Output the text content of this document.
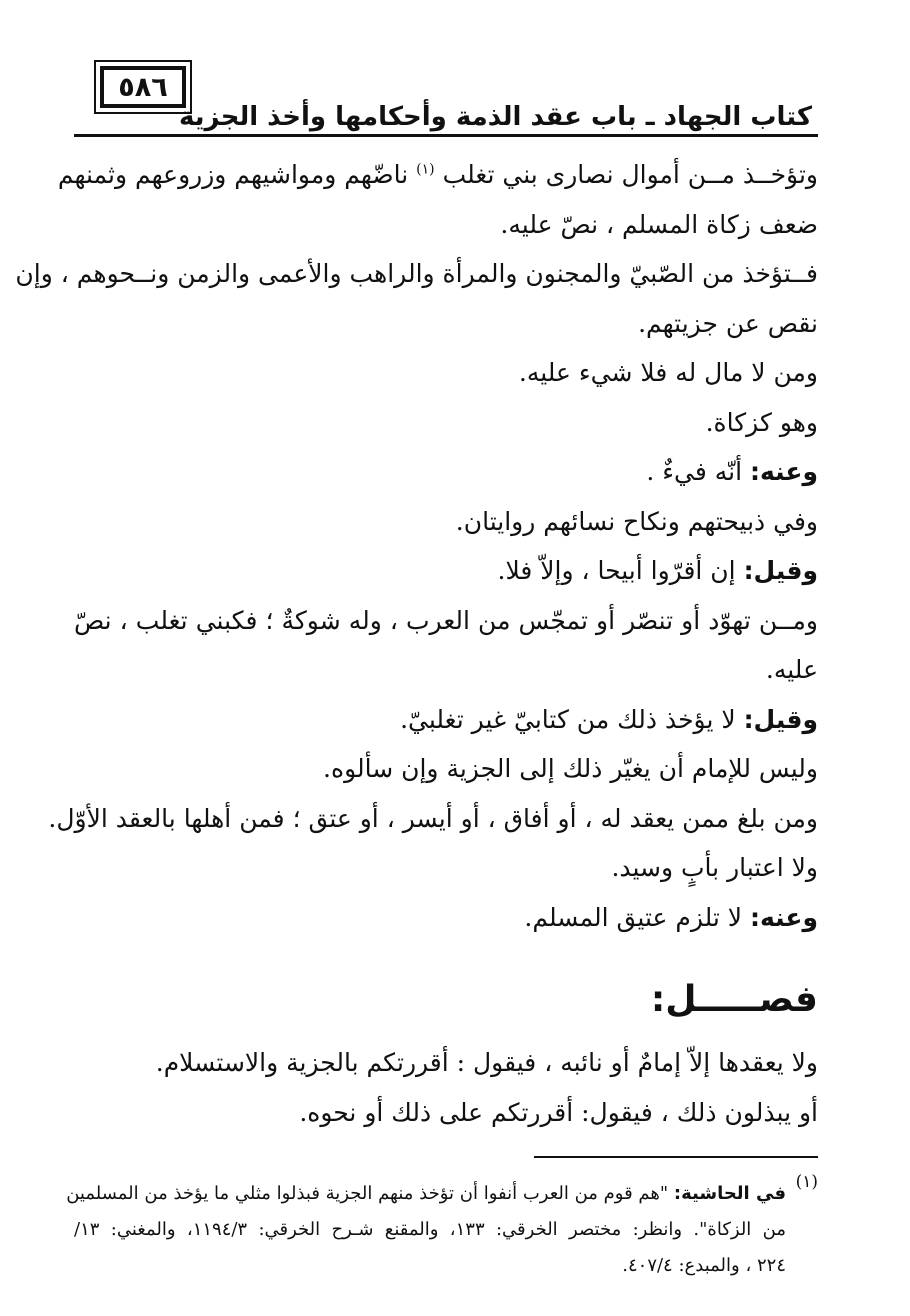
٥٨٦
كتاب الجهاد ـ باب عقد الذمة وأحكامها وأخذ الجزية
وتؤخــذ مــن أموال نصارى بني تغلب $^{(١)}$ ناضّهم ومواشيهم وزروعهم وثمنهم
ضعف زكاة المسلم ، نصّ عليه.
فــتؤخذ من الصّبيّ والمجنون والمرأة والراهب والأعمى والزمن ونــحوهم ، وإن
نقص عن جزيتهم.
ومن لا مال له فلا شيء عليه.
وهو كزكاة.
وعنه: أنّه فيءٌ .
وفي ذبيحتهم ونكاح نسائهم روايتان.
وقيل: إن أقرّوا أبيحا ، وإلاّ فلا.
ومــن تهوّد أو تنصّر أو تمجّس من العرب ، وله شوكةٌ ؛ فكبني تغلب ، نصّ
عليه.
وقيل: لا يؤخذ ذلك من كتابيّ غير تغلبيّ.
وليس للإمام أن يغيّر ذلك إلى الجزية وإن سألوه.
ومن بلغ ممن يعقد له ، أو أفاق ، أو أيسر ، أو عتق ؛ فمن أهلها بالعقد الأوّل.
ولا اعتبار بأبٍ وسيد.
وعنه: لا تلزم عتيق المسلم.
فصـــــل:
ولا يعقدها إلاّ إمامٌ أو نائبه ، فيقول : أقررتكم بالجزية والاستسلام.
أو يبذلون ذلك ، فيقول: أقررتكم على ذلك أو نحوه.
(١)
في الحاشية: "هم قوم من العرب أنفوا أن تؤخذ منهم الجزية فبذلوا مثلي ما يؤخذ من المسلمين
من الزكاة". وانظر: مختصر الخرقي: ١٣٣، والمقنع شـرح الخرقي: ١١٩٤/٣، والمغني: ١٣/
٢٢٤ ، والمبدع: ٤٠٧/٤.
